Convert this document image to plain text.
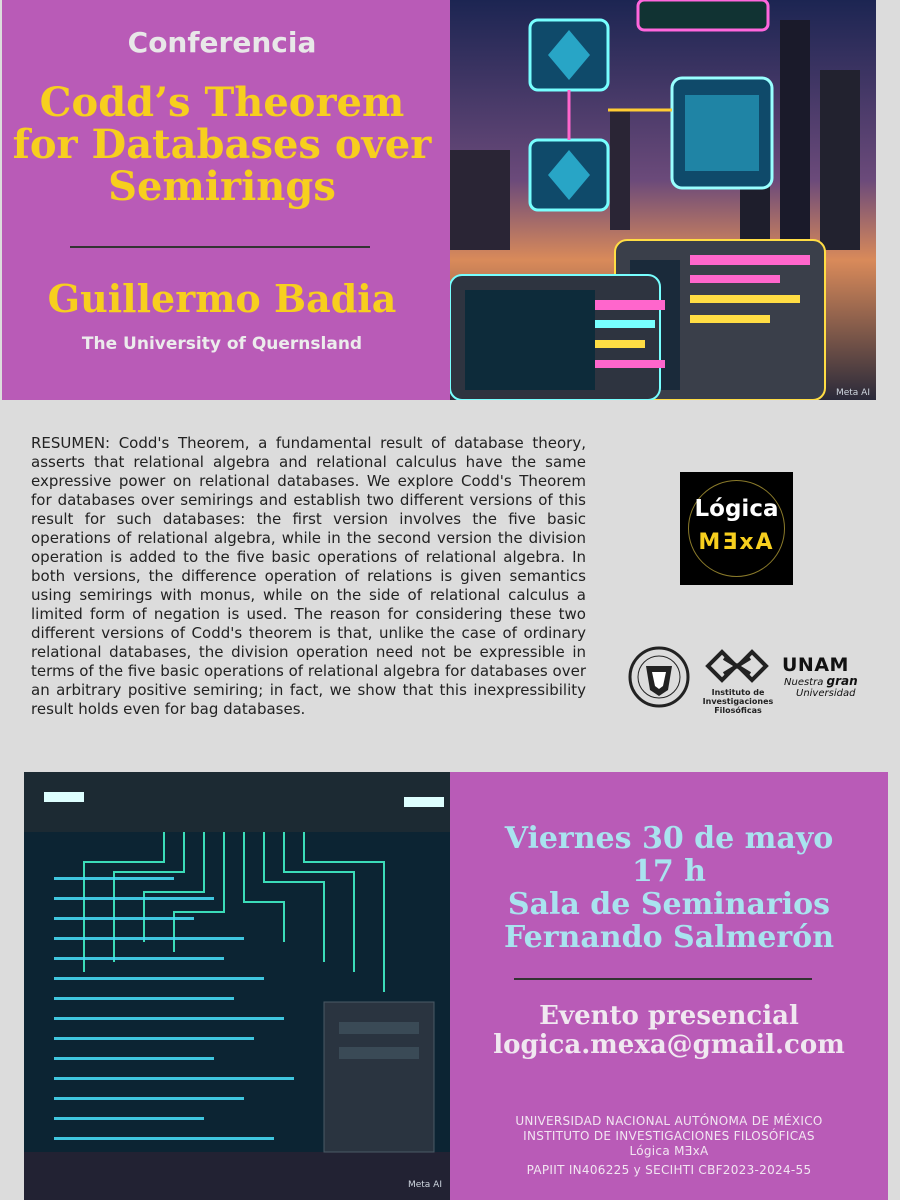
Conferencia
Codd’s Theorem for Databases over Semirings
Guillermo Badia
The University of Quernsland
Meta AI
RESUMEN: Codd's Theorem, a fundamental result of database theory, asserts that relational algebra and relational calculus have the same expressive power on relational databases. We explore Codd's Theorem for databases over semirings and establish two different versions of this result for such databases: the first version involves the five basic operations of relational algebra, while in the second version the division operation is added to the five basic operations of relational algebra. In both versions, the difference operation of relations is given semantics using semirings with monus, while on the side of relational calculus a limited form of negation is used. The reason for considering these two different versions of Codd's theorem is that, unlike the case of ordinary relational databases, the division operation need not be expressible in terms of the five basic operations of relational algebra for databases over an arbitrary positive semiring; in fact, we show that this inexpressibility result holds even for bag databases.
Lógica
MƎxA
Instituto de Investigaciones Filosóficas
UNAM
Nuestra gran
Universidad
Meta AI
Viernes 30 de mayo
17 h
Sala de Seminarios
Fernando Salmerón
Evento presencial
logica.mexa@gmail.com
UNIVERSIDAD NACIONAL AUTÓNOMA DE MÉXICO
INSTITUTO DE INVESTIGACIONES FILOSÓFICAS
Lógica MƎxA
PAPIIT IN406225 y SECIHTI CBF2023-2024-55
